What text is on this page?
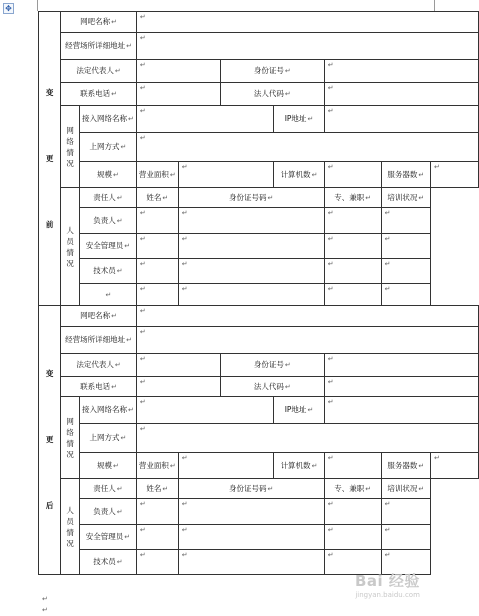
✥
变
更
前	网吧名称↵		↵						

	经营场所详细地址↵		↵						

	法定代表人↵		↵		身份证号↵		↵		

	联系电话↵		↵		法人代码↵		↵		

	网
络
情
况	接入网络名称↵	↵			IP地址↵	↵		

		上网方式↵	↵						

		规模↵	营业面积↵	↵		计算机数↵	↵	服务器数↵	↵

	人
员
情
况	责任人↵	姓名↵	身份证号码↵			专、兼职↵	培训状况↵	
		负责人↵	↵	↵			↵	↵	

		安全管理员↵	↵	↵			↵	↵	

		技术员↵	↵	↵			↵	↵	

		↵	↵	↵			↵	↵	

变
更
后	网吧名称↵		↵						

	经营场所详细地址↵		↵						

	法定代表人↵		↵		身份证号↵		↵		

	联系电话↵		↵		法人代码↵		↵		

	网
络
情
况	接入网络名称↵	↵			IP地址↵	↵		

		上网方式↵	↵						

		规模↵	营业面积↵	↵		计算机数↵	↵	服务器数↵	↵

	人
员
情
况	责任人↵	姓名↵	身份证号码↵			专、兼职↵	培训状况↵	
		负责人↵	↵	↵			↵	↵	

		安全管理员↵	↵	↵			↵	↵	

		技术员↵	↵	↵			↵	↵	
↵
↵
Bai 经验
jingyan.baidu.com
